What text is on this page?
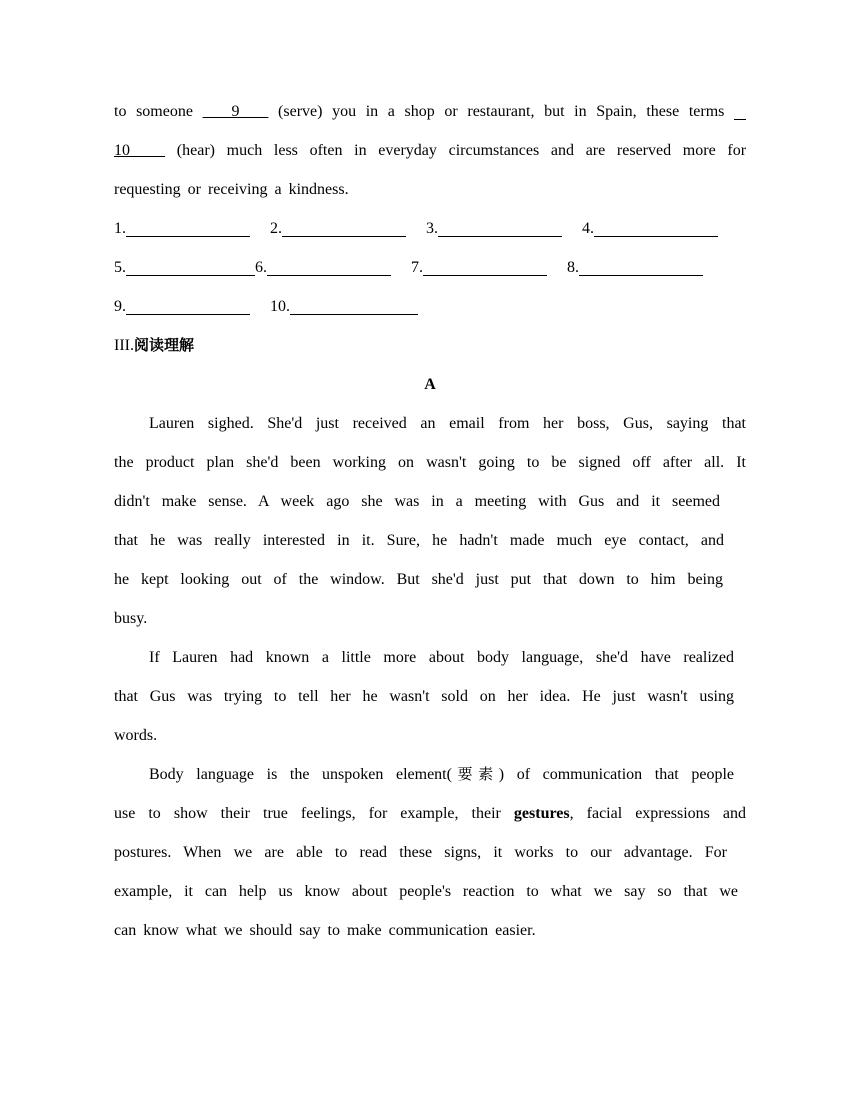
to someone    9 (serve) you in a shop or restaurant, but in Spain, these terms
10	(hear) much less often in everyday circumstances and are reserved more for
requesting or receiving a kindness.
1.	2.	3.	4.
5.	6.	7.	8.
9.	10.
III.阅读理解
A
Lauren sighed. She'd just received an email from her boss, Gus, saying that
the product plan she'd been working on wasn't going to be signed off after all. It
didn't make sense. A week ago she was in a meeting with Gus and it seemed
that he was really interested in it. Sure, he hadn't made much eye contact, and
he kept looking out of the window. But she'd just put that down to him being
busy.
If Lauren had known a little more about body language, she'd have realized
that Gus was trying to tell her he wasn't sold on her idea. He just wasn't using
words.
Body language is the unspoken element(要素) of communication that people
use to show their true feelings, for example, their gestures, facial expressions and
postures. When we are able to read these signs, it works to our advantage. For
example, it can help us know about people's reaction to what we say so that we
can know what we should say to make communication easier.
